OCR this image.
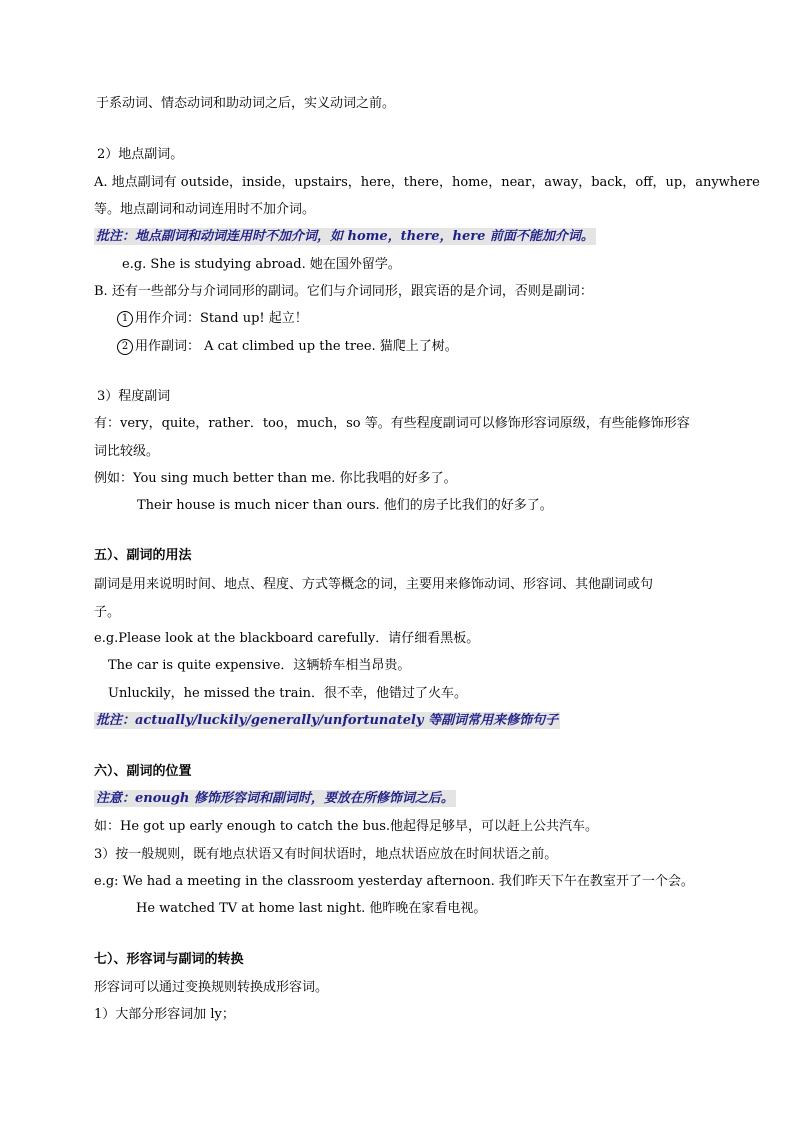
于系动词、情态动词和助动词之后，实义动词之前。
2）地点副词。
A. 地点副词有 outside，inside，upstairs，here，there，home，near，away，back，off，up，anywhere
等。地点副词和动词连用时不加介词。
批注：地点副词和动词连用时不加介词，如 home，there，here 前面不能加介词。
e.g. She is studying abroad. 她在国外留学。
B. 还有一些部分与介词同形的副词。它们与介词同形，跟宾语的是介词，否则是副词：
1 用作介词：Stand up! 起立！
2 用作副词： A cat climbed up the tree. 猫爬上了树。
3）程度副词
有：very，quite，rather．too，much，so 等。有些程度副词可以修饰形容词原级，有些能修饰形容
词比较级。
例如：You sing much better than me. 你比我唱的好多了。
Their house is much nicer than ours. 他们的房子比我们的好多了。
五）、副词的用法
副词是用来说明时间、地点、程度、方式等概念的词，主要用来修饰动词、形容词、其他副词或句
子。
e.g.Please look at the blackboard carefully．请仔细看黑板。
The car is quite expensive．这辆轿车相当昂贵。
Unluckily，he missed the train．很不幸，他错过了火车。
批注：actually/luckily/generally/unfortunately 等副词常用来修饰句子
六）、副词的位置
注意：enough 修饰形容词和副词时，要放在所修饰词之后。
如：He got up early enough to catch the bus.他起得足够早，可以赶上公共汽车。
3）按一般规则，既有地点状语又有时间状语时，地点状语应放在时间状语之前。
e.g: We had a meeting in the classroom yesterday afternoon. 我们昨天下午在教室开了一个会。
He watched TV at home last night. 他昨晚在家看电视。
七）、形容词与副词的转换
形容词可以通过变换规则转换成形容词。
1）大部分形容词加 ly；
